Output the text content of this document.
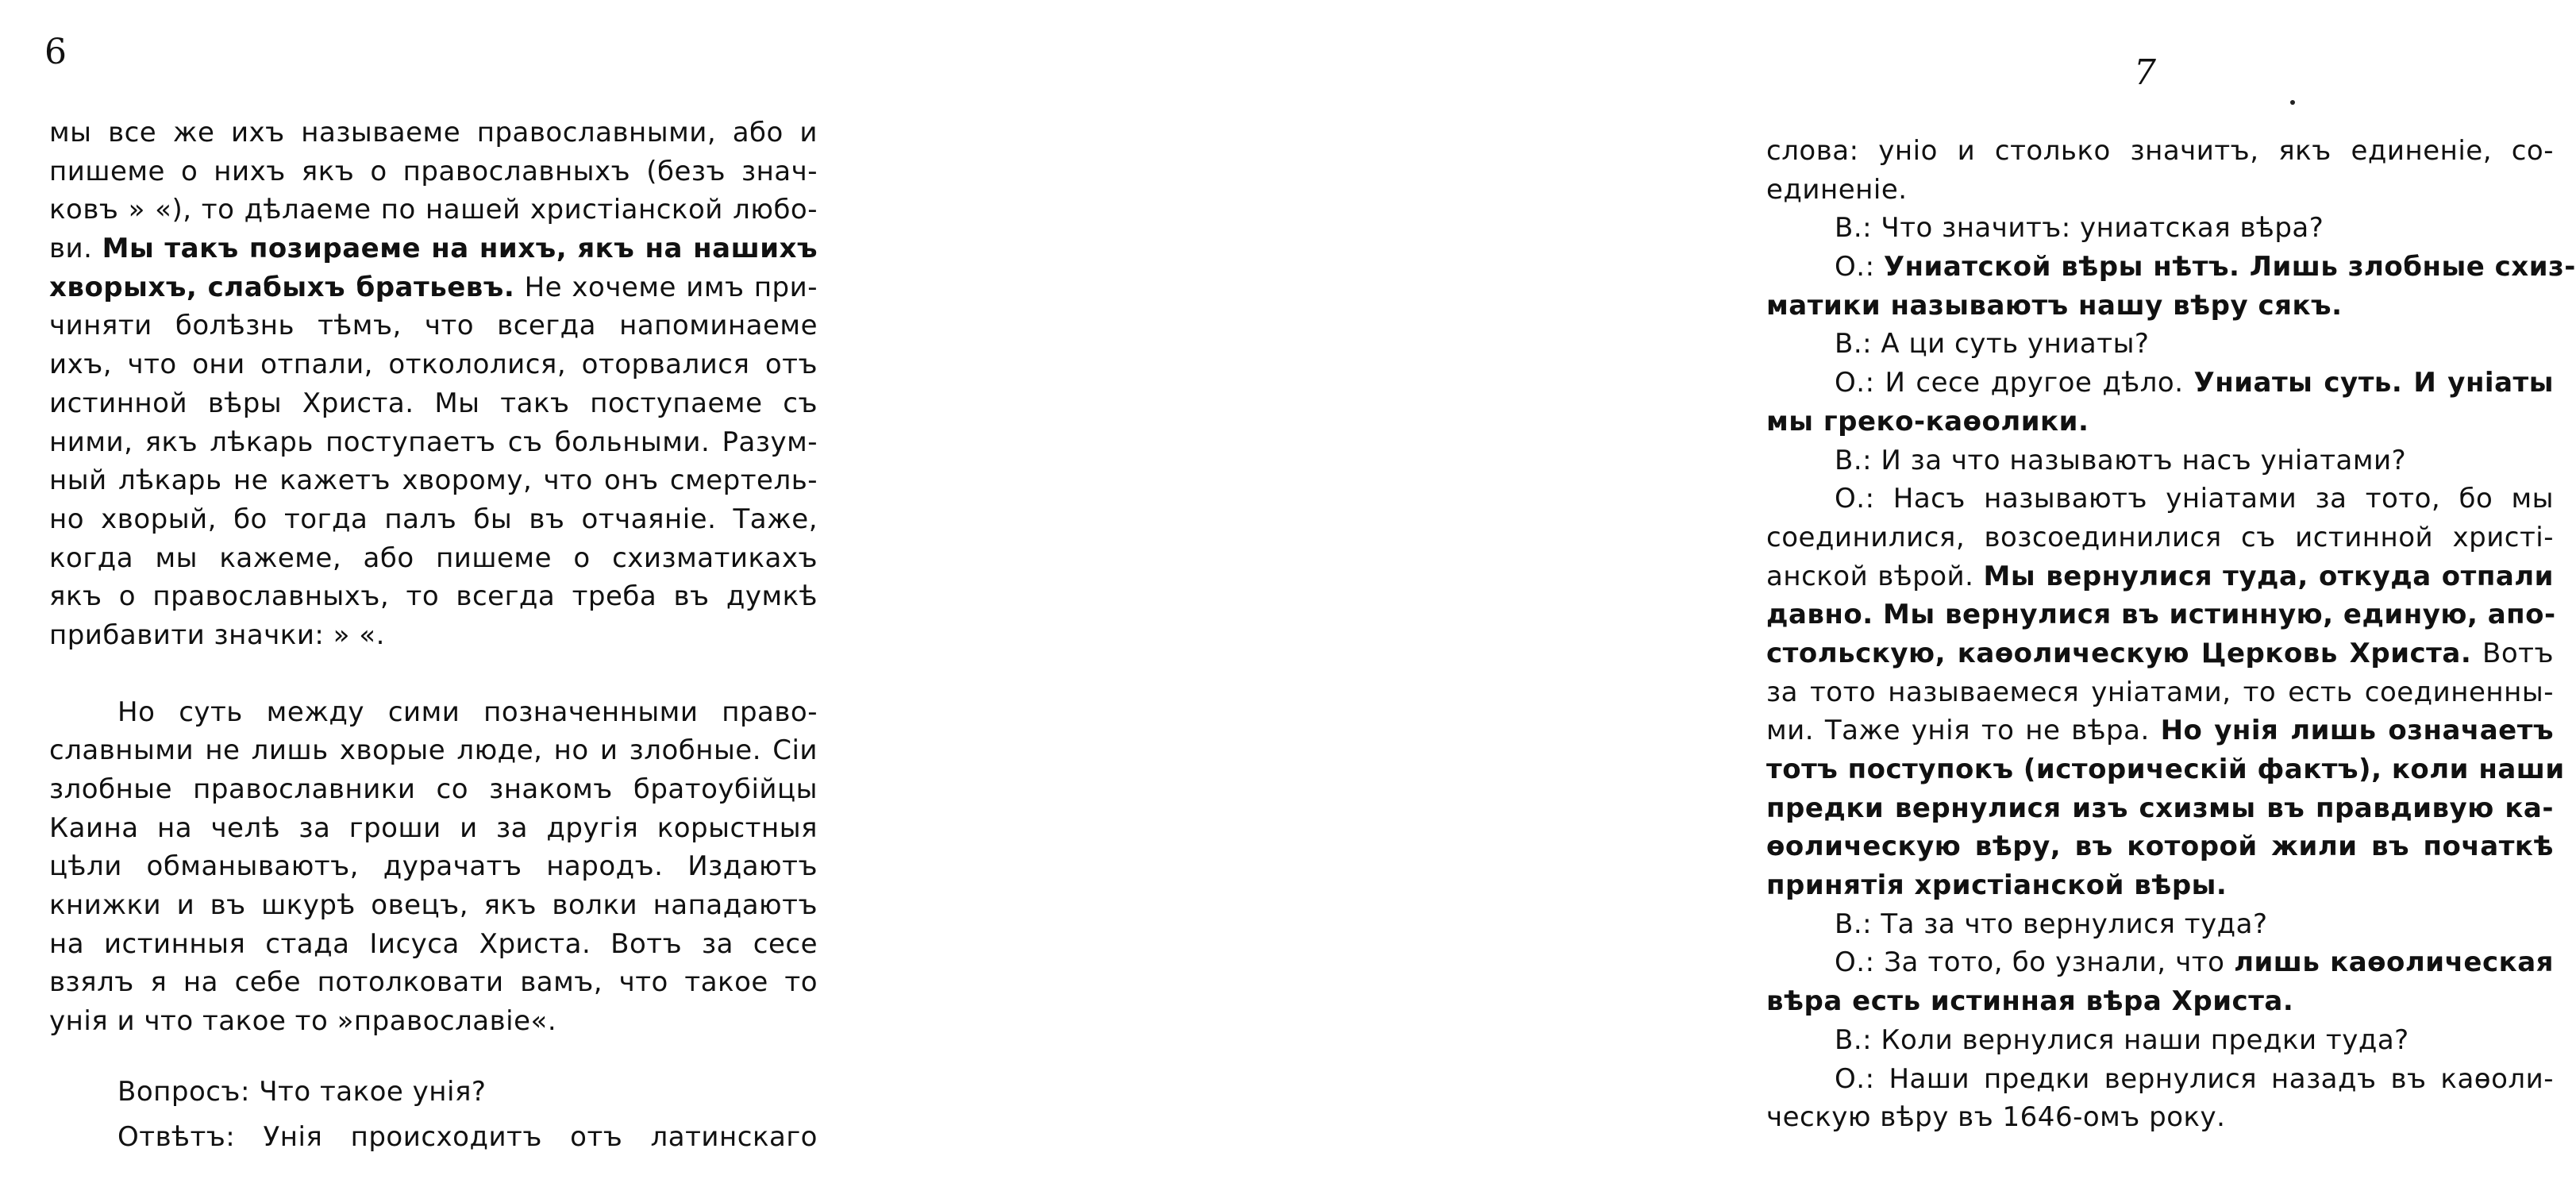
6
мы все же ихъ называеме православными, або и
пишеме о нихъ якъ о православныхъ (безъ знач-
ковъ » «), то дѣлаеме по нашей христіанской любо-
ви. Мы такъ позираеме на нихъ, якъ на нашихъ
хворыхъ, слабыхъ братьевъ. Не хочеме имъ при-
чиняти болѣзнь тѣмъ, что всегда напоминаеме
ихъ, что они отпали, откололися, оторвалися отъ
истинной вѣры Христа. Мы такъ поступаеме съ
ними, якъ лѣкарь поступаетъ съ больными. Разум-
ный лѣкарь не кажетъ хворому, что онъ смертель-
но хворый, бо тогда палъ бы въ отчаяніе. Таже,
когда мы кажеме, або пишеме о схизматикахъ
якъ о православныхъ, то всегда треба въ думкѣ
прибавити значки: » «.
Но суть между сими позначенными право-
славными не лишь хворые люде, но и злобные. Сіи
злобные православники со знакомъ братоубійцы
Каина на челѣ за гроши и за другія корыстныя
цѣли обманываютъ, дурачатъ народъ. Издаютъ
книжки и въ шкурѣ овецъ, якъ волки нападаютъ
на истинныя стада Іисуса Христа. Вотъ за сесе
взялъ я на себе потолковати вамъ, что такое то
унія и что такое то »православіе«.
Вопросъ: Что такое унія?
Отвѣтъ: Унія происходитъ отъ латинскаго
7
слова: уніо и столько значитъ, якъ единеніе, со-
единеніе.
В.: Что значитъ: униатская вѣра?
О.: Униатской вѣры нѣтъ. Лишь злобные схиз-
матики называютъ нашу вѣру сякъ.
В.: А ци суть униаты?
О.: И сесе другое дѣло. Униаты суть. И уніаты
мы греко-каѳолики.
В.: И за что называютъ насъ уніатами?
О.: Насъ называютъ уніатами за тото, бо мы
соединилися, возсоединилися съ истинной христі-
анской вѣрой. Мы вернулися туда, откуда отпали
давно. Мы вернулися въ истинную, единую, апо-
стольскую, каѳолическую Церковь Христа. Вотъ
за тото называемеся уніатами, то есть соединенны-
ми. Таже унія то не вѣра. Но унія лишь означаетъ
тотъ поступокъ (историческій фактъ), коли наши
предки вернулися изъ схизмы въ правдивую ка-
ѳолическую вѣру, въ которой жили въ початкѣ
принятія христіанской вѣры.
В.: Та за что вернулися туда?
О.: За тото, бо узнали, что лишь каѳолическая
вѣра есть истинная вѣра Христа.
В.: Коли вернулися наши предки туда?
О.: Наши предки вернулися назадъ въ каѳоли-
ческую вѣру въ 1646-омъ року.
